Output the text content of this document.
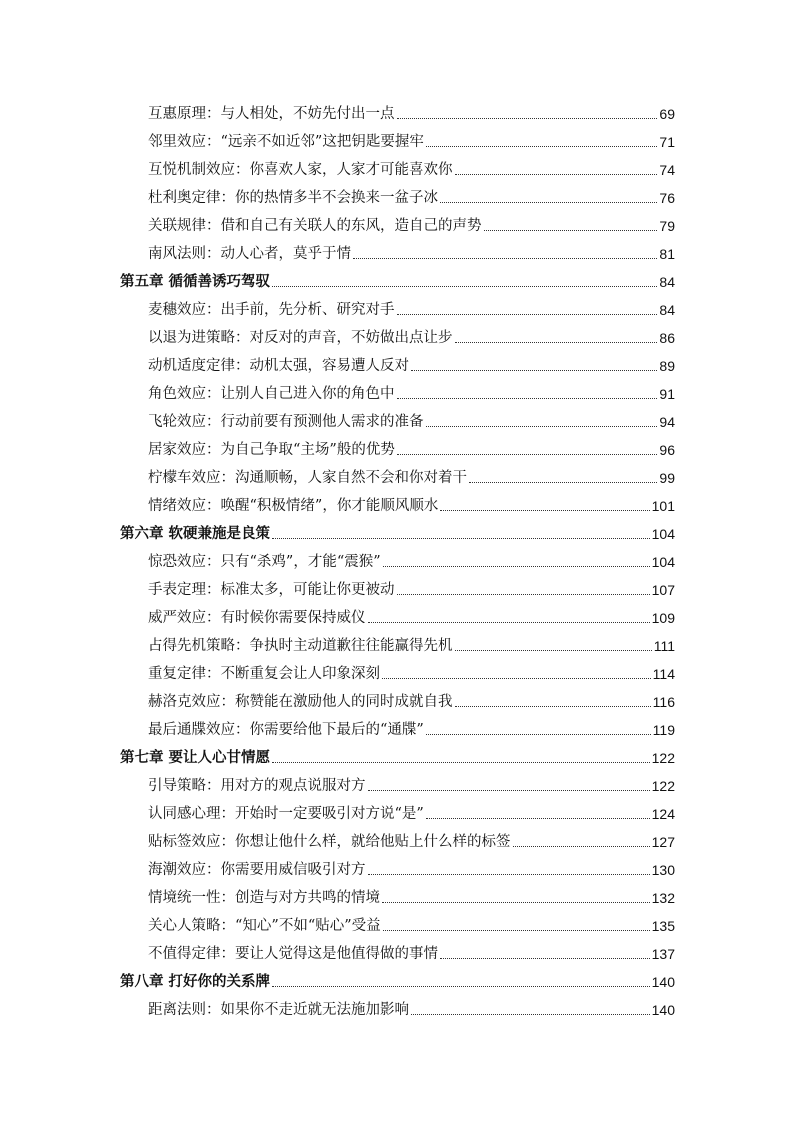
互惠原理：与人相处，不妨先付出一点	69
邻里效应：“远亲不如近邻”这把钥匙要握牢	71
互悦机制效应：你喜欢人家，人家才可能喜欢你	74
杜利奥定律：你的热情多半不会换来一盆子冰	76
关联规律：借和自己有关联人的东风，造自己的声势	79
南风法则：动人心者，莫乎于情	81
第五章 循循善诱巧驾驭	84
麦穗效应：出手前，先分析、研究对手	84
以退为进策略：对反对的声音，不妨做出点让步	86
动机适度定律：动机太强，容易遭人反对	89
角色效应：让别人自己进入你的角色中	91
飞轮效应：行动前要有预测他人需求的准备	94
居家效应：为自己争取“主场”般的优势	96
柠檬车效应：沟通顺畅，人家自然不会和你对着干	99
情绪效应：唤醒“积极情绪”，你才能顺风顺水	101
第六章 软硬兼施是良策	104
惊恐效应：只有“杀鸡”，才能“震猴”	104
手表定理：标准太多，可能让你更被动	107
威严效应：有时候你需要保持威仪	109
占得先机策略：争执时主动道歉往往能赢得先机	111
重复定律：不断重复会让人印象深刻	114
赫洛克效应：称赞能在激励他人的同时成就自我	116
最后通牒效应：你需要给他下最后的“通牒”	119
第七章 要让人心甘情愿	122
引导策略：用对方的观点说服对方	122
认同感心理：开始时一定要吸引对方说“是”	124
贴标签效应：你想让他什么样，就给他贴上什么样的标签	127
海潮效应：你需要用威信吸引对方	130
情境统一性：创造与对方共鸣的情境	132
关心人策略：“知心”不如“贴心”受益	135
不值得定律：要让人觉得这是他值得做的事情	137
第八章 打好你的关系牌	140
距离法则：如果你不走近就无法施加影响	140
